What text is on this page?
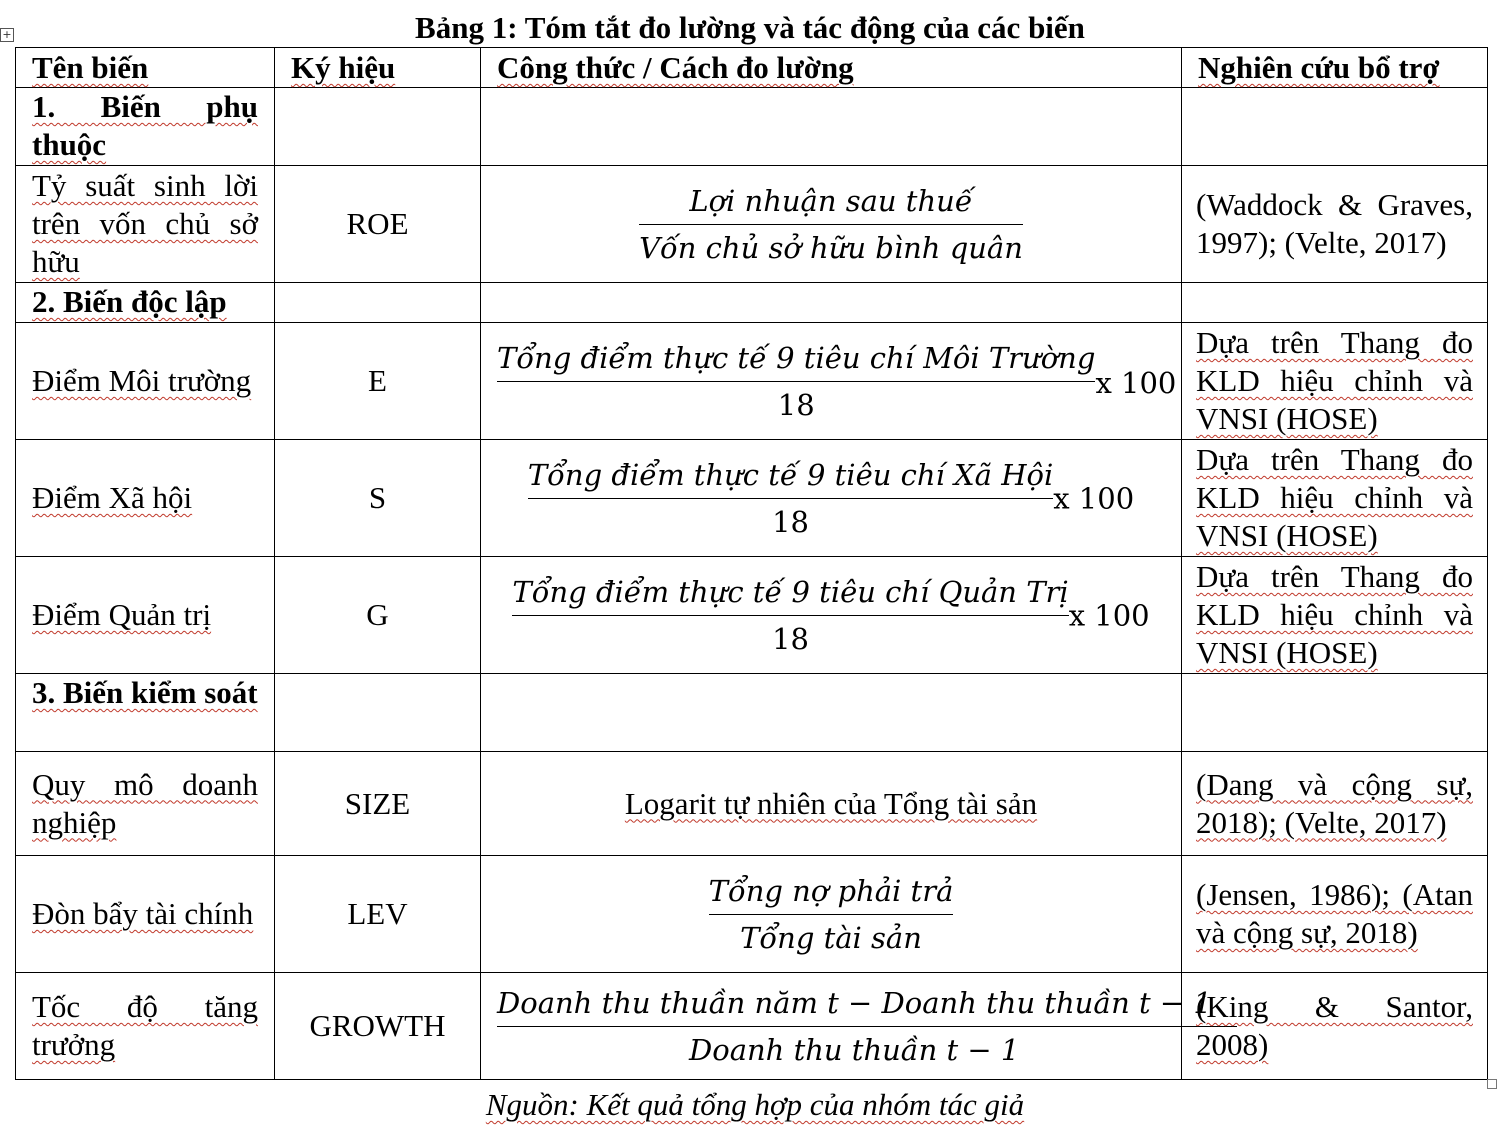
+	Bảng 1: Tóm tắt đo lường và tác động của các biến
Tên biến	Ký hiệu	Công thức / Cách đo lường	Nghiên cứu bổ trợ
1. Biến phụ thuộc			
Tỷ suất sinh lời trên vốn chủ sở hữu	ROE	$\frac{\text{Lợi nhuận sau thuế}}{\text{Vốn chủ sở hữu bình quân}}$	(Waddock & Graves, 1997); (Velte, 2017)
2. Biến độc lập			
Điểm Môi trường	E	$\frac{\text{Tổng điểm thực tế 9 tiêu chí Môi Trường}}{18}$ x 100	Dựa trên Thang đo KLD hiệu chỉnh và VNSI (HOSE)
Điểm Xã hội	S	$\frac{\text{Tổng điểm thực tế 9 tiêu chí Xã Hội}}{18}$ x 100	Dựa trên Thang đo KLD hiệu chỉnh và VNSI (HOSE)
Điểm Quản trị	G	$\frac{\text{Tổng điểm thực tế 9 tiêu chí Quản Trị}}{18}$ x 100	Dựa trên Thang đo KLD hiệu chỉnh và VNSI (HOSE)
3. Biến kiểm soát			
Quy mô doanh nghiệp	SIZE	Logarit tự nhiên của Tổng tài sản	(Dang và cộng sự, 2018); (Velte, 2017)
Đòn bẩy tài chính	LEV	$\frac{\text{Tổng nợ phải trả}}{\text{Tổng tài sản}}$	(Jensen, 1986); (Atan và cộng sự, 2018)
Tốc độ tăng trưởng	GROWTH	$\frac{\text{Doanh thu thuần năm t − Doanh thu thuần t − 1}}{\text{Doanh thu thuần t − 1}}$	(King & Santor, 2008)
Nguồn: Kết quả tổng hợp của nhóm tác giả
